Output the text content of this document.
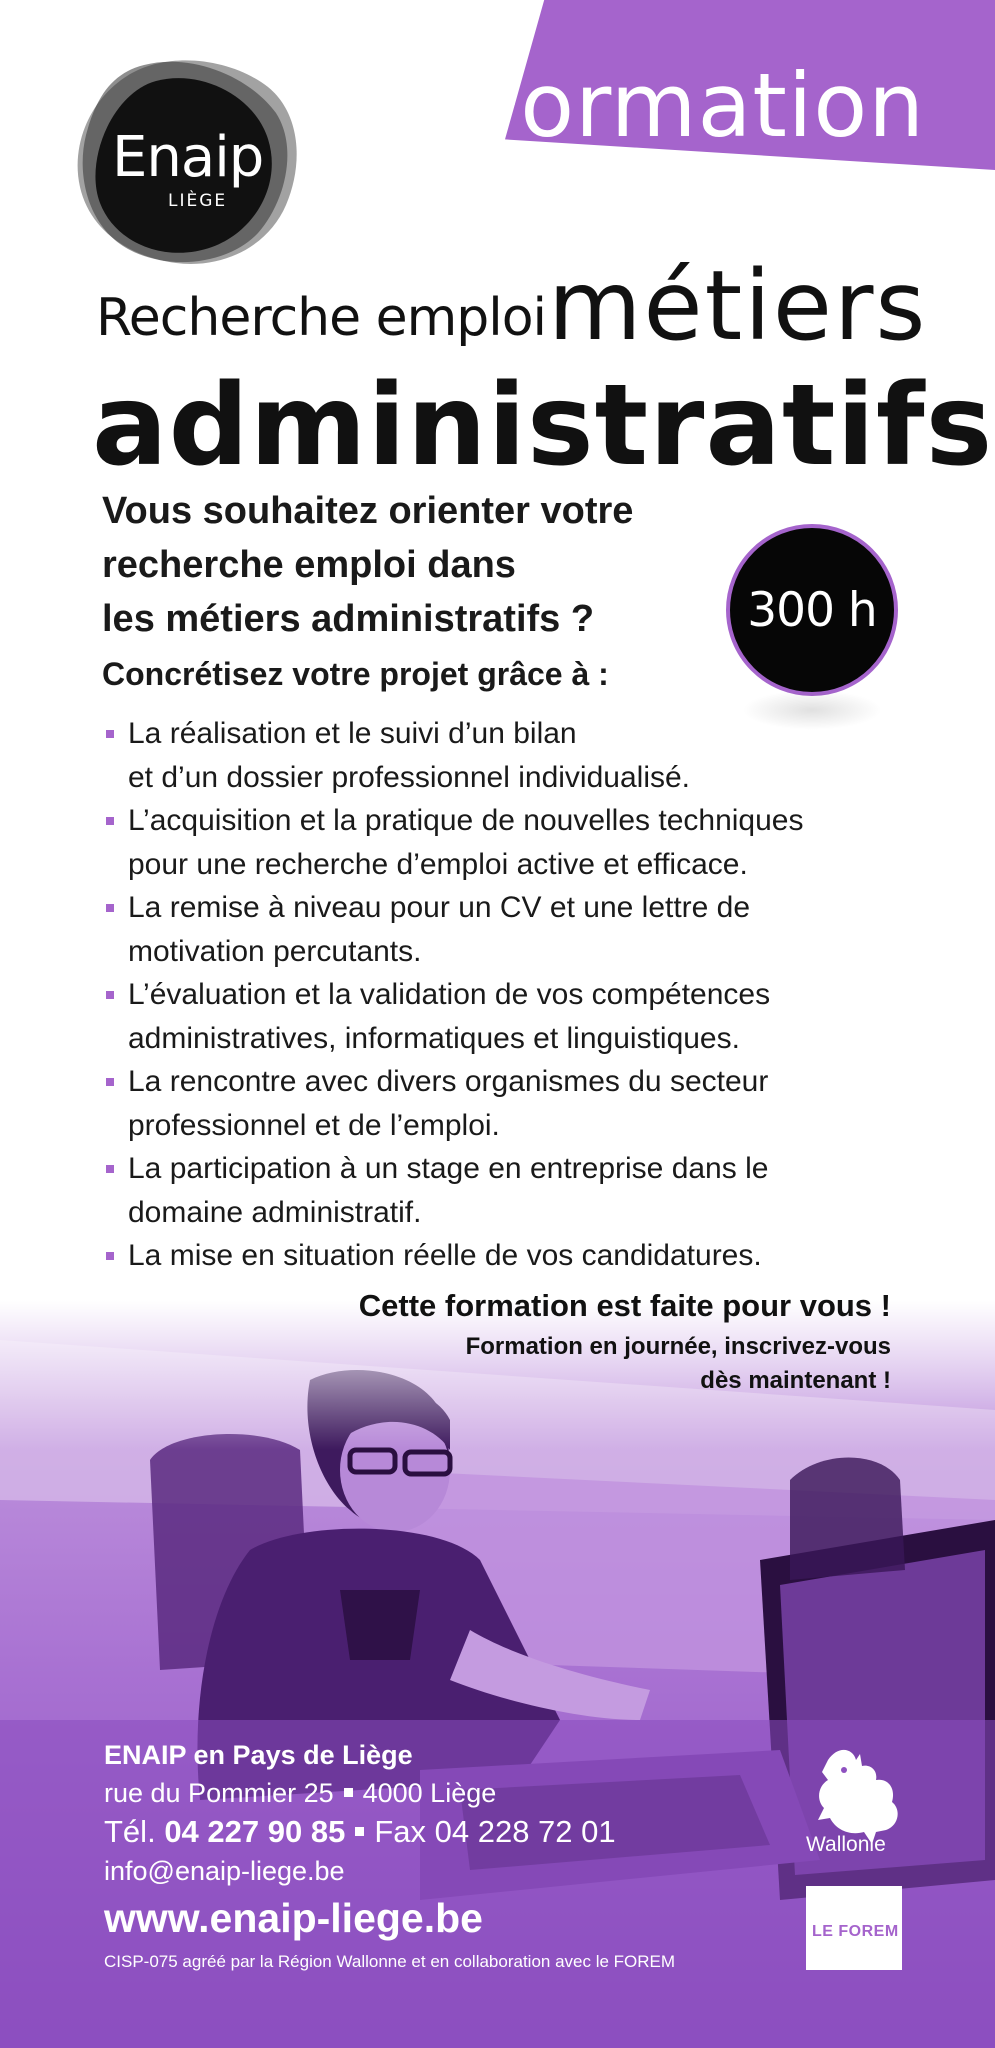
Formation
Enaip
LIÈGE
Recherche emploi métiers
administratifs
Vous souhaitez orienter votre
recherche emploi dans
les métiers administratifs ?	300 h
Concrétisez votre projet grâce à :
La réalisation et le suivi d’un bilan
et d’un dossier professionnel individualisé.
L’acquisition et la pratique de nouvelles techniques
pour une recherche d’emploi active et efficace.
La remise à niveau pour un CV et une lettre de
motivation percutants.
L’évaluation et la validation de vos compétences
administratives, informatiques et linguistiques.
La rencontre avec divers organismes du secteur
professionnel et de l’emploi.
La participation à un stage en entreprise dans le
domaine administratif.
La mise en situation réelle de vos candidatures.
Cette formation est faite pour vous !
Formation en journée, inscrivez-vous
dès maintenant !
ENAIP en Pays de Liège
rue du Pommier 25 4000 Liège
Tél. 04 227 90 85 Fax 04 228 72 01
info@enaip-liege.be
www.enaip-liege.be
CISP-075 agréé par la Région Wallonne et en collaboration avec le FOREM
Wallonie
LE FOREM
